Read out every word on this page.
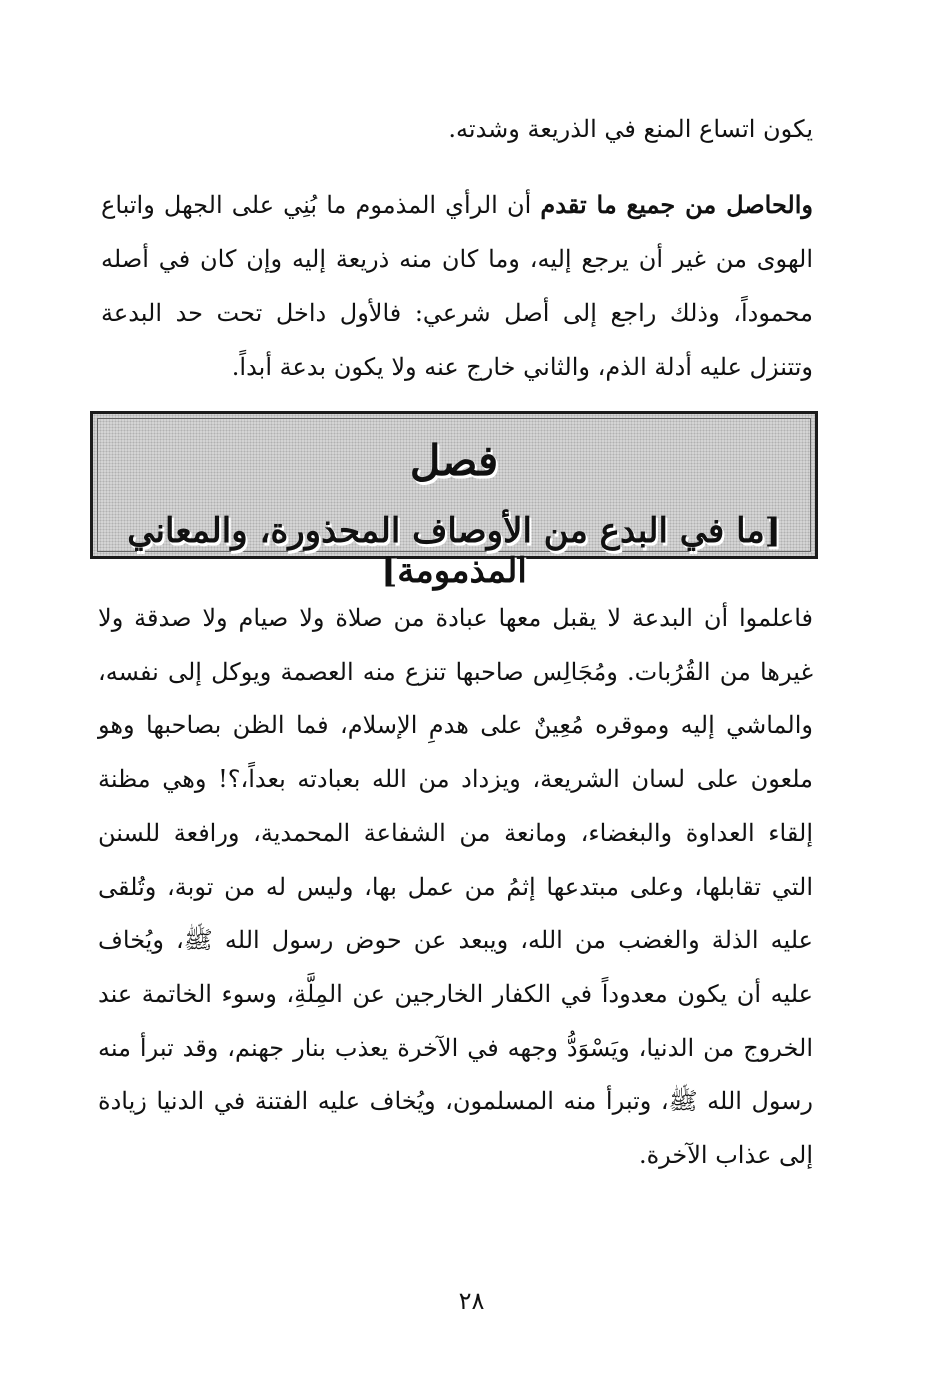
يكون اتساع المنع في الذريعة وشدته.

والحاصل من جميع ما تقدم أن الرأي المذموم ما بُنِي على الجهل واتباع الهوى من غير أن يرجع إليه، وما كان منه ذريعة إليه وإن كان في أصله محموداً، وذلك راجع إلى أصل شرعي: فالأول داخل تحت حد البدعة وتتنزل عليه أدلة الذم، والثاني خارج عنه ولا يكون بدعة أبداً.

فصل
[ما في البدع من الأوصاف المحذورة، والمعاني المذمومة]

فاعلموا أن البدعة لا يقبل معها عبادة من صلاة ولا صيام ولا صدقة ولا غيرها من القُرُبات. ومُجَالِس صاحبها تنزع منه العصمة ويوكل إلى نفسه، والماشي إليه وموقره مُعِينٌ على هدمِ الإسلام، فما الظن بصاحبها وهو ملعون على لسان الشريعة، ويزداد من الله بعبادته بعداً،؟! وهي مظنة إلقاء العداوة والبغضاء، ومانعة من الشفاعة المحمدية، ورافعة للسنن التي تقابلها، وعلى مبتدعها إثمُ من عمل بها، وليس له من توبة، وتُلقى عليه الذلة والغضب من الله، ويبعد عن حوض رسول الله ﷺ، ويُخاف عليه أن يكون معدوداً في الكفار الخارجين عن المِلَّةِ، وسوء الخاتمة عند الخروج من الدنيا، ويَسْوَدُّ وجهه في الآخرة يعذب بنار جهنم، وقد تبرأ منه رسول الله ﷺ، وتبرأ منه المسلمون، ويُخاف عليه الفتنة في الدنيا زيادة إلى عذاب الآخرة.

٢٨
